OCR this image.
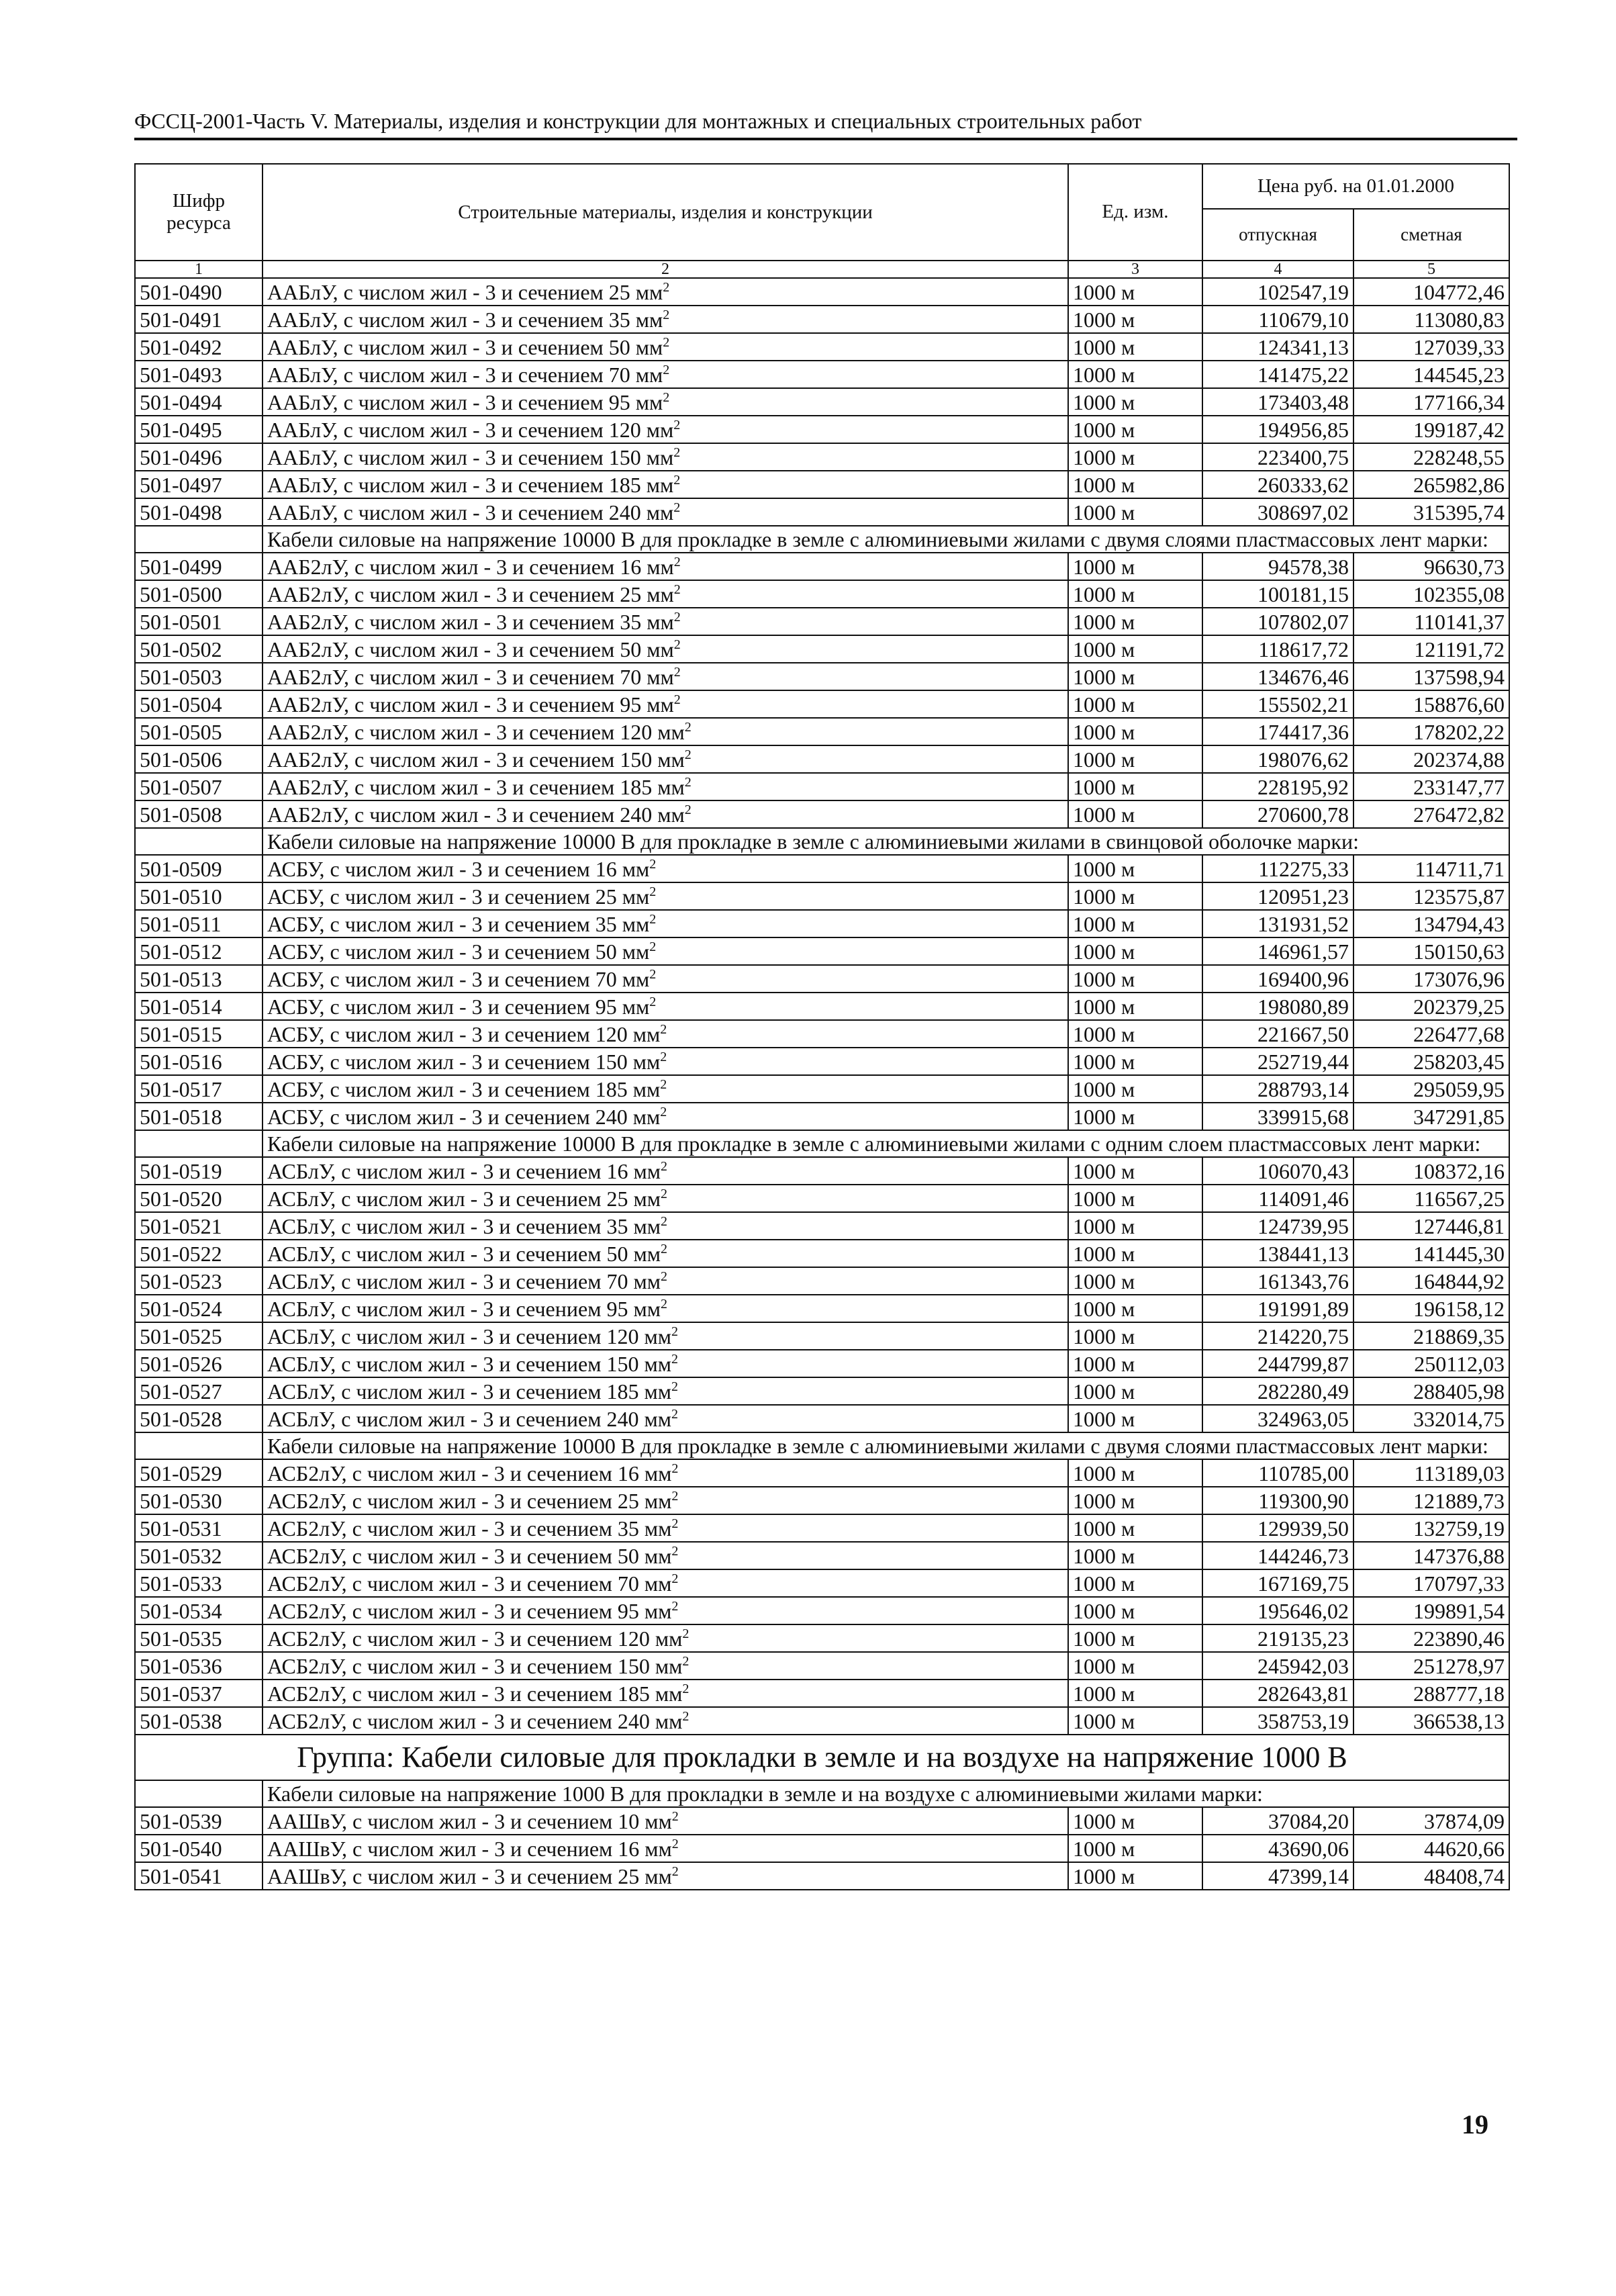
ФССЦ-2001-Часть V. Материалы, изделия и конструкции для монтажных и специальных строительных работ
Шифр ресурса	Строительные материалы, изделия и конструкции	Ед. изм.	Цена руб. на 01.01.2000	
			отпускная	сметная
1	2	3	4	5
501-0490	ААБлУ, с числом жил - 3 и сечением 25 $мм^2$	1000 м	102547,19	104772,46
501-0491	ААБлУ, с числом жил - 3 и сечением 35 $мм^2$	1000 м	110679,10	113080,83
501-0492	ААБлУ, с числом жил - 3 и сечением 50 $мм^2$	1000 м	124341,13	127039,33
501-0493	ААБлУ, с числом жил - 3 и сечением 70 $мм^2$	1000 м	141475,22	144545,23
501-0494	ААБлУ, с числом жил - 3 и сечением 95 $мм^2$	1000 м	173403,48	177166,34
501-0495	ААБлУ, с числом жил - 3 и сечением 120 $мм^2$	1000 м	194956,85	199187,42
501-0496	ААБлУ, с числом жил - 3 и сечением 150 $мм^2$	1000 м	223400,75	228248,55
501-0497	ААБлУ, с числом жил - 3 и сечением 185 $мм^2$	1000 м	260333,62	265982,86
501-0498	ААБлУ, с числом жил - 3 и сечением 240 $мм^2$	1000 м	308697,02	315395,74
	Кабели силовые на напряжение 10000 В для прокладке в земле с алюминиевыми жилами с двумя слоями пластмассовых лент марки:			
501-0499	ААБ2лУ, с числом жил - 3 и сечением 16 $мм^2$	1000 м	94578,38	96630,73
501-0500	ААБ2лУ, с числом жил - 3 и сечением 25 $мм^2$	1000 м	100181,15	102355,08
501-0501	ААБ2лУ, с числом жил - 3 и сечением 35 $мм^2$	1000 м	107802,07	110141,37
501-0502	ААБ2лУ, с числом жил - 3 и сечением 50 $мм^2$	1000 м	118617,72	121191,72
501-0503	ААБ2лУ, с числом жил - 3 и сечением 70 $мм^2$	1000 м	134676,46	137598,94
501-0504	ААБ2лУ, с числом жил - 3 и сечением 95 $мм^2$	1000 м	155502,21	158876,60
501-0505	ААБ2лУ, с числом жил - 3 и сечением 120 $мм^2$	1000 м	174417,36	178202,22
501-0506	ААБ2лУ, с числом жил - 3 и сечением 150 $мм^2$	1000 м	198076,62	202374,88
501-0507	ААБ2лУ, с числом жил - 3 и сечением 185 $мм^2$	1000 м	228195,92	233147,77
501-0508	ААБ2лУ, с числом жил - 3 и сечением 240 $мм^2$	1000 м	270600,78	276472,82
	Кабели силовые на напряжение 10000 В для прокладке в земле с алюминиевыми жилами в свинцовой оболочке марки:			
501-0509	АСБУ, с числом жил - 3 и сечением 16 $мм^2$	1000 м	112275,33	114711,71
501-0510	АСБУ, с числом жил - 3 и сечением 25 $мм^2$	1000 м	120951,23	123575,87
501-0511	АСБУ, с числом жил - 3 и сечением 35 $мм^2$	1000 м	131931,52	134794,43
501-0512	АСБУ, с числом жил - 3 и сечением 50 $мм^2$	1000 м	146961,57	150150,63
501-0513	АСБУ, с числом жил - 3 и сечением 70 $мм^2$	1000 м	169400,96	173076,96
501-0514	АСБУ, с числом жил - 3 и сечением 95 $мм^2$	1000 м	198080,89	202379,25
501-0515	АСБУ, с числом жил - 3 и сечением 120 $мм^2$	1000 м	221667,50	226477,68
501-0516	АСБУ, с числом жил - 3 и сечением 150 $мм^2$	1000 м	252719,44	258203,45
501-0517	АСБУ, с числом жил - 3 и сечением 185 $мм^2$	1000 м	288793,14	295059,95
501-0518	АСБУ, с числом жил - 3 и сечением 240 $мм^2$	1000 м	339915,68	347291,85
	Кабели силовые на напряжение 10000 В для прокладке в земле с алюминиевыми жилами с одним слоем пластмассовых лент марки:			
501-0519	АСБлУ, с числом жил - 3 и сечением 16 $мм^2$	1000 м	106070,43	108372,16
501-0520	АСБлУ, с числом жил - 3 и сечением 25 $мм^2$	1000 м	114091,46	116567,25
501-0521	АСБлУ, с числом жил - 3 и сечением 35 $мм^2$	1000 м	124739,95	127446,81
501-0522	АСБлУ, с числом жил - 3 и сечением 50 $мм^2$	1000 м	138441,13	141445,30
501-0523	АСБлУ, с числом жил - 3 и сечением 70 $мм^2$	1000 м	161343,76	164844,92
501-0524	АСБлУ, с числом жил - 3 и сечением 95 $мм^2$	1000 м	191991,89	196158,12
501-0525	АСБлУ, с числом жил - 3 и сечением 120 $мм^2$	1000 м	214220,75	218869,35
501-0526	АСБлУ, с числом жил - 3 и сечением 150 $мм^2$	1000 м	244799,87	250112,03
501-0527	АСБлУ, с числом жил - 3 и сечением 185 $мм^2$	1000 м	282280,49	288405,98
501-0528	АСБлУ, с числом жил - 3 и сечением 240 $мм^2$	1000 м	324963,05	332014,75
	Кабели силовые на напряжение 10000 В для прокладке в земле с алюминиевыми жилами с двумя слоями пластмассовых лент марки:			
501-0529	АСБ2лУ, с числом жил - 3 и сечением 16 $мм^2$	1000 м	110785,00	113189,03
501-0530	АСБ2лУ, с числом жил - 3 и сечением 25 $мм^2$	1000 м	119300,90	121889,73
501-0531	АСБ2лУ, с числом жил - 3 и сечением 35 $мм^2$	1000 м	129939,50	132759,19
501-0532	АСБ2лУ, с числом жил - 3 и сечением 50 $мм^2$	1000 м	144246,73	147376,88
501-0533	АСБ2лУ, с числом жил - 3 и сечением 70 $мм^2$	1000 м	167169,75	170797,33
501-0534	АСБ2лУ, с числом жил - 3 и сечением 95 $мм^2$	1000 м	195646,02	199891,54
501-0535	АСБ2лУ, с числом жил - 3 и сечением 120 $мм^2$	1000 м	219135,23	223890,46
501-0536	АСБ2лУ, с числом жил - 3 и сечением 150 $мм^2$	1000 м	245942,03	251278,97
501-0537	АСБ2лУ, с числом жил - 3 и сечением 185 $мм^2$	1000 м	282643,81	288777,18
501-0538	АСБ2лУ, с числом жил - 3 и сечением 240 $мм^2$	1000 м	358753,19	366538,13
Группа: Кабели силовые для прокладки в земле и на воздухе на напряжение 1000 В				
	Кабели силовые на напряжение 1000 В для прокладки в земле и на воздухе с алюминиевыми жилами марки:			
501-0539	ААШвУ, с числом жил - 3 и сечением 10 $мм^2$	1000 м	37084,20	37874,09
501-0540	ААШвУ, с числом жил - 3 и сечением 16 $мм^2$	1000 м	43690,06	44620,66
501-0541	ААШвУ, с числом жил - 3 и сечением 25 $мм^2$	1000 м	47399,14	48408,74
19
